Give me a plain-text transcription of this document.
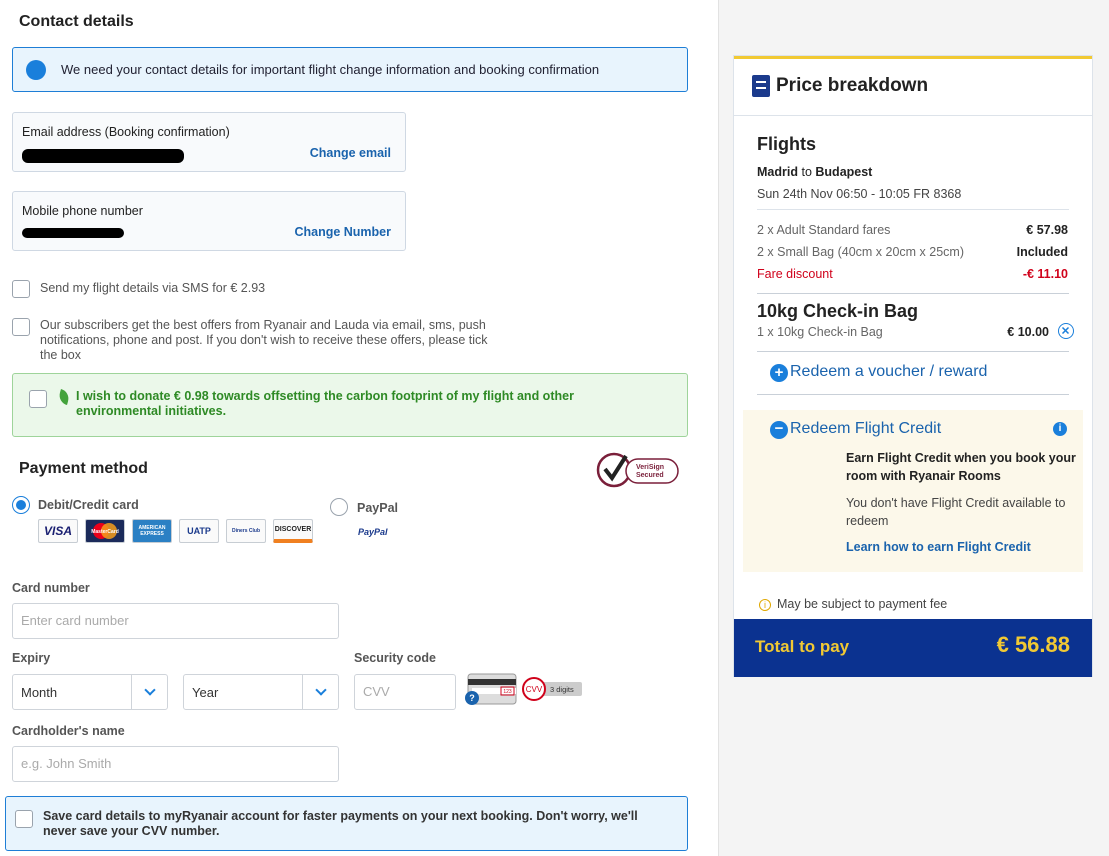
Contact details
We need your contact details for important flight change information and booking confirmation
Email address (Booking confirmation)
Change email
Mobile phone number
Change Number
Send my flight details via SMS for € 2.93
Our subscribers get the best offers from Ryanair and Lauda via email, sms, push notifications, phone and post. If you don't wish to receive these offers, please tick the box
I wish to donate € 0.98 towards offsetting the carbon footprint of my flight and other environmental initiatives.
Payment method	VeriSign
Secured
Debit/Credit card	PayPal
PayPal
VISA	MasterCard
AMERICAN EXPRESS	UATP	Diners Club	DISCOVER
Card number
Enter card number
Expiry
Month	Year
Security code
CVV	123
?
CVV 3 digits
Cardholder's name
e.g. John Smith
Save card details to myRyanair account for faster payments on your next booking. Don't worry, we'll never save your CVV number.
Price breakdown
Flights
Madrid to Budapest
Sun 24th Nov 06:50 - 10:05 FR 8368
2 x Adult Standard fares	€ 57.98
2 x Small Bag (40cm x 20cm x 25cm)	Included
Fare discount	-€ 11.10
10kg Check-in Bag
1 x 10kg Check-in Bag	€ 10.00
+ Redeem a voucher / reward
− Redeem Flight Credit	i
Earn Flight Credit when you book your room with Ryanair Rooms
You don't have Flight Credit available to redeem
Learn how to earn Flight Credit
i May be subject to payment fee
Total to pay	€ 56.88
